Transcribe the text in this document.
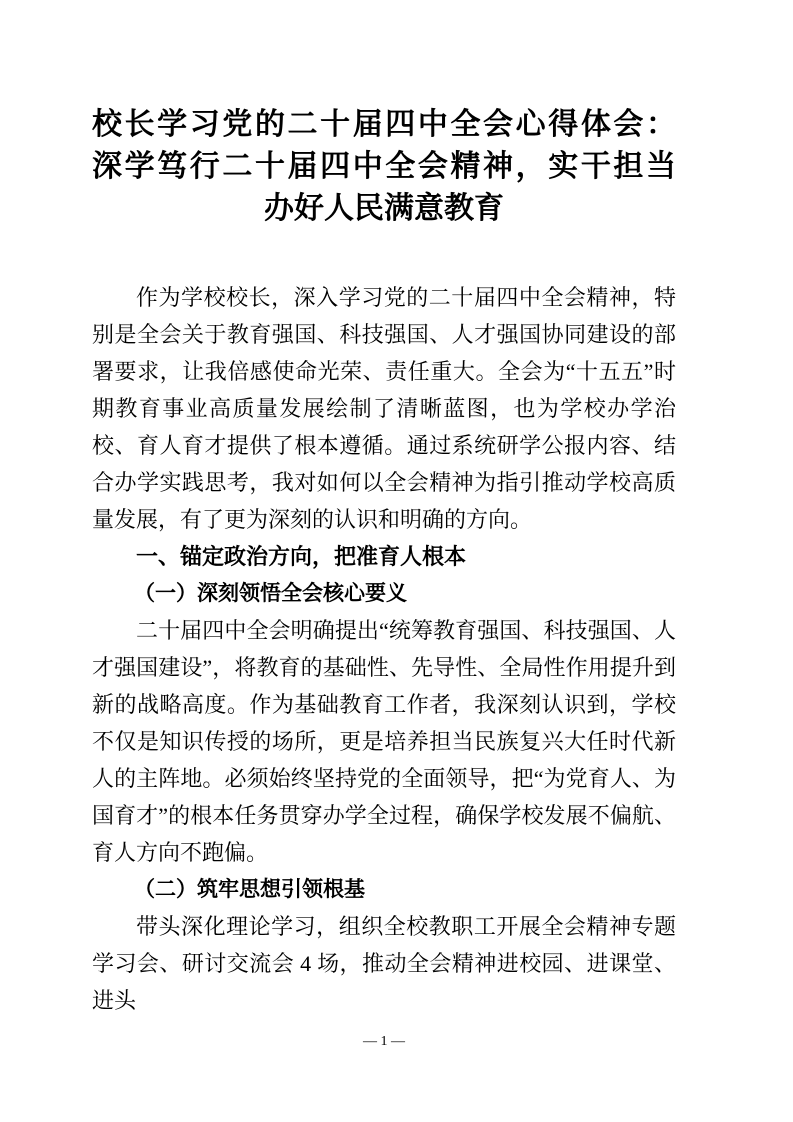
校长学习党的二十届四中全会心得体会：
深学笃行二十届四中全会精神，实干担当
办好人民满意教育

作为学校校长，深入学习党的二十届四中全会精神，特别是全会关于教育强国、科技强国、人才强国协同建设的部署要求，让我倍感使命光荣、责任重大。全会为“十五五”时期教育事业高质量发展绘制了清晰蓝图，也为学校办学治校、育人育才提供了根本遵循。通过系统研学公报内容、结合办学实践思考，我对如何以全会精神为指引推动学校高质量发展，有了更为深刻的认识和明确的方向。

一、锚定政治方向，把准育人根本
（一）深刻领悟全会核心要义

二十届四中全会明确提出“统筹教育强国、科技强国、人才强国建设”，将教育的基础性、先导性、全局性作用提升到新的战略高度。作为基础教育工作者，我深刻认识到，学校不仅是知识传授的场所，更是培养担当民族复兴大任时代新人的主阵地。必须始终坚持党的全面领导，把“为党育人、为国育才”的根本任务贯穿办学全过程，确保学校发展不偏航、育人方向不跑偏。

（二）筑牢思想引领根基

带头深化理论学习，组织全校教职工开展全会精神专题学习会、研讨交流会 4 场，推动全会精神进校园、进课堂、进头

— 1 —
